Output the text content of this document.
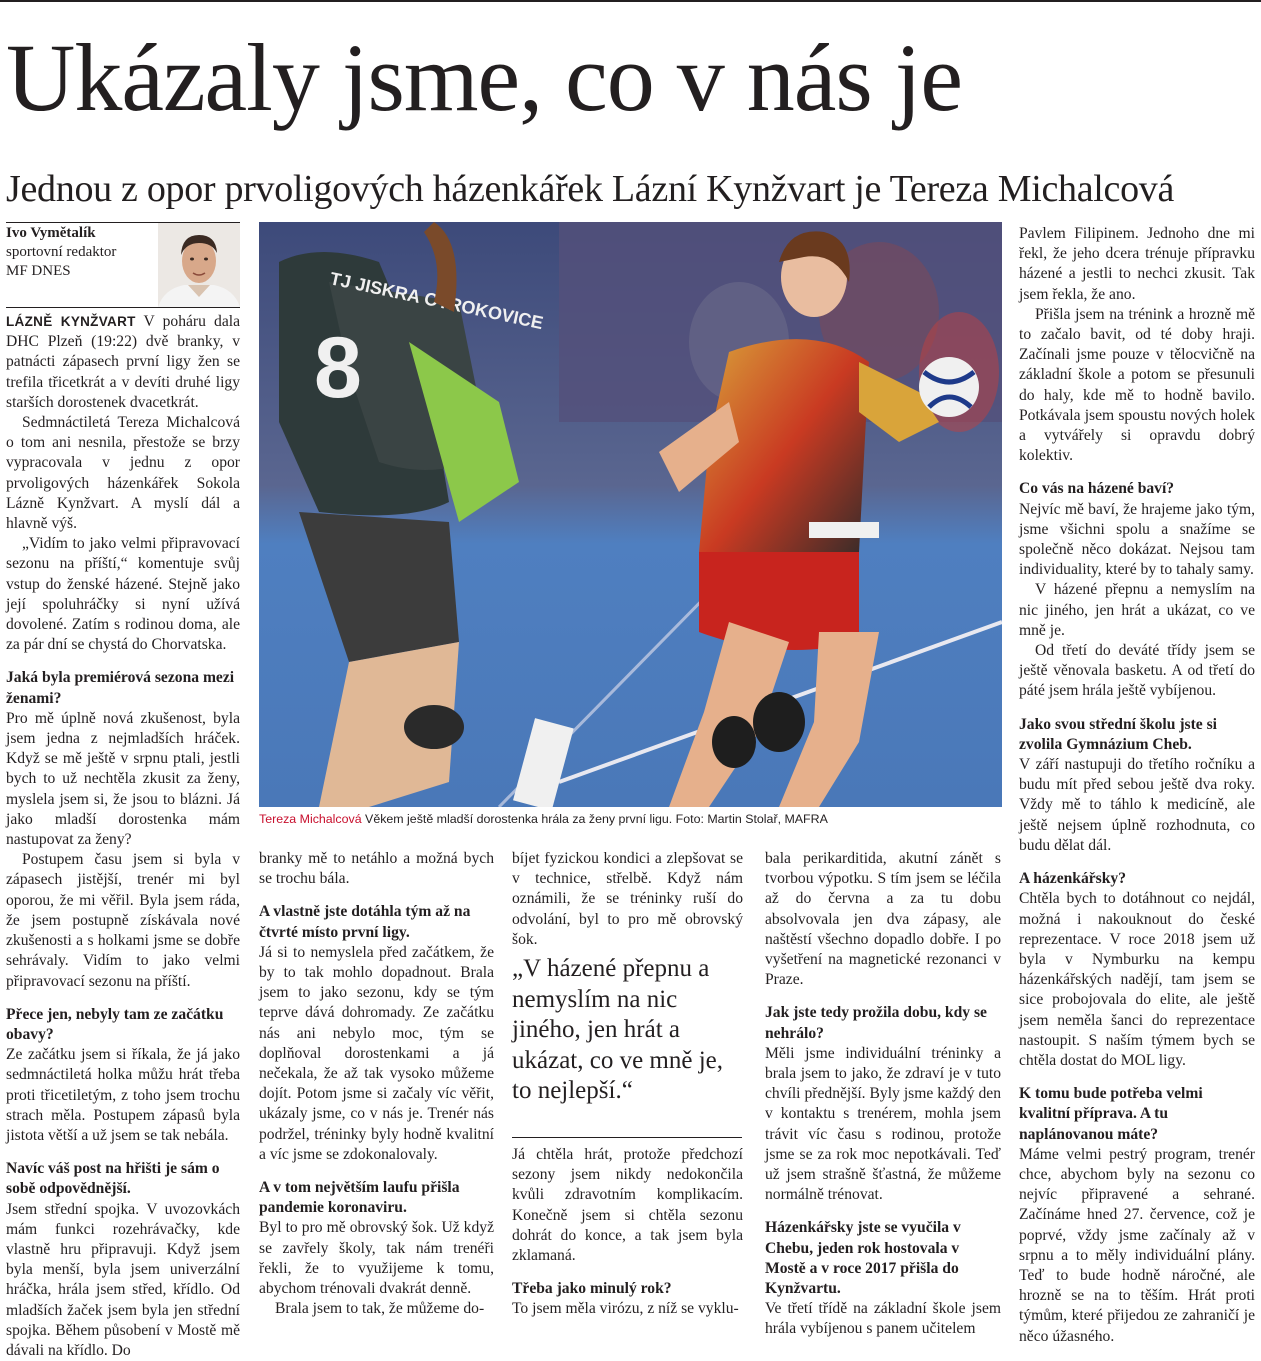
Ukázaly jsme, co v nás je
Jednou z opor prvoligových házenkářek Lázní Kynžvart je Tereza Michalcová
Ivo Vymětalík
sportovní redaktor
MF DNES

LÁZNĚ KYNŽVART V poháru dala DHC Plzeň (19:22) dvě branky, v patnácti zápasech první ligy žen se trefila třicetkrát a v devíti druhé ligy starších dorostenek dvacetkrát.

Sedmnáctiletá Tereza Michalcová o tom ani nesnila, přestože se brzy vypracovala v jednu z opor prvoligových házenkářek Sokola Lázně Kynžvart. A myslí dál a hlavně výš.

„Vidím to jako velmi připravovací sezonu na příští,“ komentuje svůj vstup do ženské házené. Stejně jako její spoluhráčky si nyní užívá dovolené. Zatím s rodinou doma, ale za pár dní se chystá do Chorvatska.

Jaká byla premiérová sezona mezi ženami?

Pro mě úplně nová zkušenost, byla jsem jedna z nejmladších hráček. Když se mě ještě v srpnu ptali, jestli bych to už nechtěla zkusit za ženy, myslela jsem si, že jsou to blázni. Já jako mladší dorostenka mám nastupovat za ženy?

Postupem času jsem si byla v zápasech jistější, trenér mi byl oporou, že mi věřil. Byla jsem ráda, že jsem postupně získávala nové zkušenosti a s holkami jsme se dobře sehrávaly. Vidím to jako velmi připravovací sezonu na příští.

Přece jen, nebyly tam ze začátku obavy?

Ze začátku jsem si říkala, že já jako sedmnáctiletá holka můžu hrát třeba proti třicetiletým, z toho jsem trochu strach měla. Postupem zápasů byla jistota větší a už jsem se tak nebála.

Navíc váš post na hřišti je sám o sobě odpovědnější.

Jsem střední spojka. V uvozovkách mám funkci rozehrávačky, kde vlastně hru připravuji. Když jsem byla menší, byla jsem univerzální hráčka, hrála jsem střed, křídlo. Od mladších žaček jsem byla jen střední spojka. Během působení v Mostě mě dávali na křídlo. Do

8
TJ JISKRA OTROKOVICE
Tereza Michalcová Věkem ještě mladší dorostenka hrála za ženy první ligu. Foto: Martin Stolař, MAFRA

branky mě to netáhlo a možná bych se trochu bála.

A vlastně jste dotáhla tým až na čtvrté místo první ligy.

Já si to nemyslela před začátkem, že by to tak mohlo dopadnout. Brala jsem to jako sezonu, kdy se tým teprve dává dohromady. Ze začátku nás ani nebylo moc, tým se doplňoval dorostenkami a já nečekala, že až tak vysoko můžeme dojít. Potom jsme si začaly víc věřit, ukázaly jsme, co v nás je. Trenér nás podržel, tréninky byly hodně kvalitní a víc jsme se zdokonalovaly.

A v tom největším laufu přišla pandemie koronaviru.

Byl to pro mě obrovský šok. Už když se zavřely školy, tak nám trenéři řekli, že to využijeme k tomu, abychom trénovali dvakrát denně.

Brala jsem to tak, že můžeme do-

bíjet fyzickou kondici a zlepšovat se v technice, střelbě. Když nám oznámili, že se tréninky ruší do odvolání, byl to pro mě obrovský šok.

„V házené přepnu a nemyslím na nic jiného, jen hrát a ukázat, co ve mně je, to nejlepší.“

Já chtěla hrát, protože předchozí sezony jsem nikdy nedokončila kvůli zdravotním komplikacím. Konečně jsem si chtěla sezonu dohrát do konce, a tak jsem byla zklamaná.

Třeba jako minulý rok?

To jsem měla virózu, z níž se vyklu-

bala perikarditida, akutní zánět s tvorbou výpotku. S tím jsem se léčila až do června a za tu dobu absolvovala jen dva zápasy, ale naštěstí všechno dopadlo dobře. I po vyšetření na magnetické rezonanci v Praze.

Jak jste tedy prožila dobu, kdy se nehrálo?

Měli jsme individuální tréninky a brala jsem to jako, že zdraví je v tuto chvíli přednější. Byly jsme každý den v kontaktu s trenérem, mohla jsem trávit víc času s rodinou, protože jsme se za rok moc nepotkávali. Teď už jsem strašně šťastná, že můžeme normálně trénovat.

Házenkářsky jste se vyučila v Chebu, jeden rok hostovala v Mostě a v roce 2017 přišla do Kynžvartu.

Ve třetí třídě na základní škole jsem hrála vybíjenou s panem učitelem

Pavlem Filipinem. Jednoho dne mi řekl, že jeho dcera trénuje přípravku házené a jestli to nechci zkusit. Tak jsem řekla, že ano.

Přišla jsem na trénink a hrozně mě to začalo bavit, od té doby hraji. Začínali jsme pouze v tělocvičně na základní škole a potom se přesunuli do haly, kde mě to hodně bavilo. Potkávala jsem spoustu nových holek a vytvářely si opravdu dobrý kolektiv.

Co vás na házené baví?

Nejvíc mě baví, že hrajeme jako tým, jsme všichni spolu a snažíme se společně něco dokázat. Nejsou tam individuality, které by to tahaly samy.

V házené přepnu a nemyslím na nic jiného, jen hrát a ukázat, co ve mně je.

Od třetí do deváté třídy jsem se ještě věnovala basketu. A od třetí do páté jsem hrála ještě vybíjenou.

Jako svou střední školu jste si zvolila Gymnázium Cheb.

V září nastupuji do třetího ročníku a budu mít před sebou ještě dva roky. Vždy mě to táhlo k medicíně, ale ještě nejsem úplně rozhodnuta, co budu dělat dál.

A házenkářsky?

Chtěla bych to dotáhnout co nejdál, možná i nakouknout do české reprezentace. V roce 2018 jsem už byla v Nymburku na kempu házenkářských nadějí, tam jsem se sice probojovala do elite, ale ještě jsem neměla šanci do reprezentace nastoupit. S naším týmem bych se chtěla dostat do MOL ligy.

K tomu bude potřeba velmi kvalitní příprava. A tu naplánovanou máte?

Máme velmi pestrý program, trenér chce, abychom byly na sezonu co nejvíc připravené a sehrané. Začínáme hned 27. července, což je poprvé, vždy jsme začínaly až v srpnu a to měly individuální plány. Teď to bude hodně náročné, ale hrozně se na to těším. Hrát proti týmům, které přijedou ze zahraničí je něco úžasného.
